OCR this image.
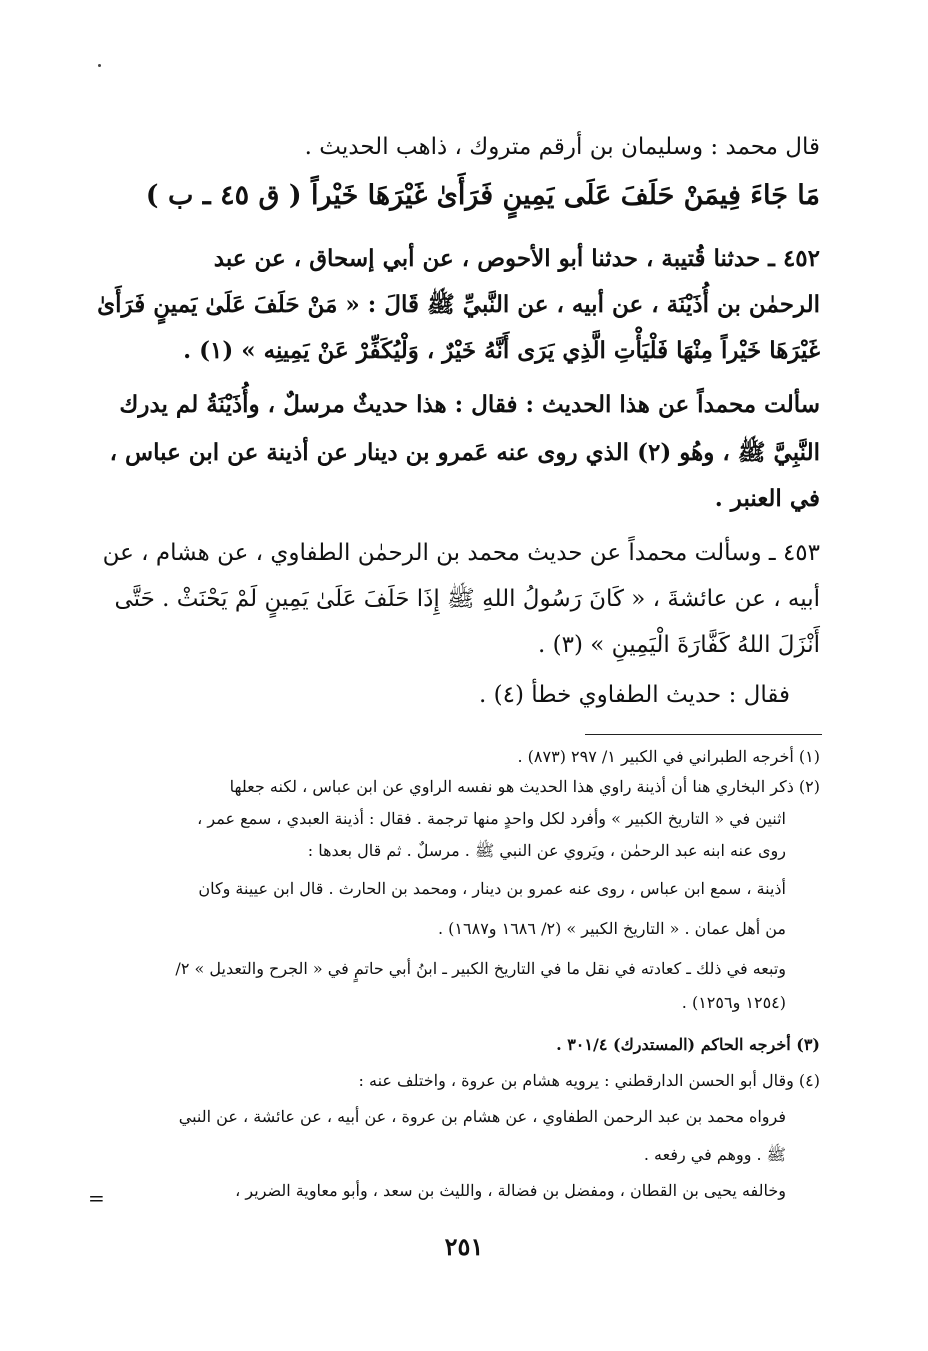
قال محمد : وسليمان بن أرقم متروك ، ذاهب الحديث .
مَا جَاءَ فِيمَنْ حَلَفَ عَلَى يَمِينٍ فَرَأَىٰ غَيْرَهَا خَيْراً ( ق ٤٥ ـ ب )
٤٥٢ ـ حدثنا قُتيبة ، حدثنا أبو الأحوص ، عن أبي إسحاق ، عن عبد
الرحمٰن بن أُذَيْنَة ، عن أبيه ، عن النَّبيِّ ﷺ قَالَ : « مَنْ حَلَفَ عَلَىٰ يَمينٍ فَرَأَىٰ
غَيْرَهَا خَيْراً مِنْهَا فَلْيَأْتِ الَّذِي يَرَى أَنَّهُ خَيْرٌ ، وَلْيُكَفِّرْ عَنْ يَمِينِه » (١) .
سألت محمداً عن هذا الحديث : فقال : هذا حديثٌ مرسلٌ ، وأُذَيْنَةُ لم يدرك
النَّبِيَّ ﷺ ، وهُو (٢) الذي روى عنه عَمرو بن دينار عن أذينة عن ابن عباس ،
في العنبر .
٤٥٣ ـ وسألت محمداً عن حديث محمد بن الرحمٰن الطفاوي ، عن هشام ، عن
أبيه ، عن عائشةَ ، « كَانَ رَسُولُ اللهِ ﷺ إِذَا حَلَفَ عَلَىٰ يَمِينٍ لَمْ يَحْنَثْ . حَتَّى
أَنْزَلَ اللهُ كَفَّارَةَ الْيَمِينِ » (٣) .
فقال : حديث الطفاوي خطأ (٤) .
(١) أخرجه الطبراني في الكبير ١/ ٢٩٧ (٨٧٣) .
(٢) ذكر البخاري هنا أن أذينة راوي هذا الحديث هو نفسه الراوي عن ابن عباس ، لكنه جعلها
اثنين في « التاريخ الكبير » وأفرد لكل واحدٍ منها ترجمة . فقال : أذينة العبدي ، سمع عمر ،
روى عنه ابنه عبد الرحمٰن ، ويَروي عن النبي ﷺ . مرسلٌ . ثم قال بعدها :
أذينة ، سمع ابن عباس ، روى عنه عمرو بن دينار ، ومحمد بن الحارث . قال ابن عيينة وكان
من أهل عمان . « التاريخ الكبير » (٢/ ١٦٨٦ و١٦٨٧) .
وتبعه في ذلك ـ كعادته في نقل ما في التاريخ الكبير ـ ابنُ أبي حاتمٍ في « الجرح والتعديل » ٢/
(١٢٥٤ و١٢٥٦) .
(٣) أخرجه الحاكم (المستدرك) ٣٠١/٤ .
(٤) وقال أبو الحسن الدارقطني : يرويه هشام بن عروة ، واختلف عنه :
فرواه محمد بن عبد الرحمن الطفاوي ، عن هشام بن عروة ، عن أبيه ، عن عائشة ، عن النبي
ﷺ . ووهم في رفعه .
وخالفه يحيى بن القطان ، ومفضل بن فضالة ، والليث بن سعد ، وأبو معاوية الضرير ،
=
٢٥١
